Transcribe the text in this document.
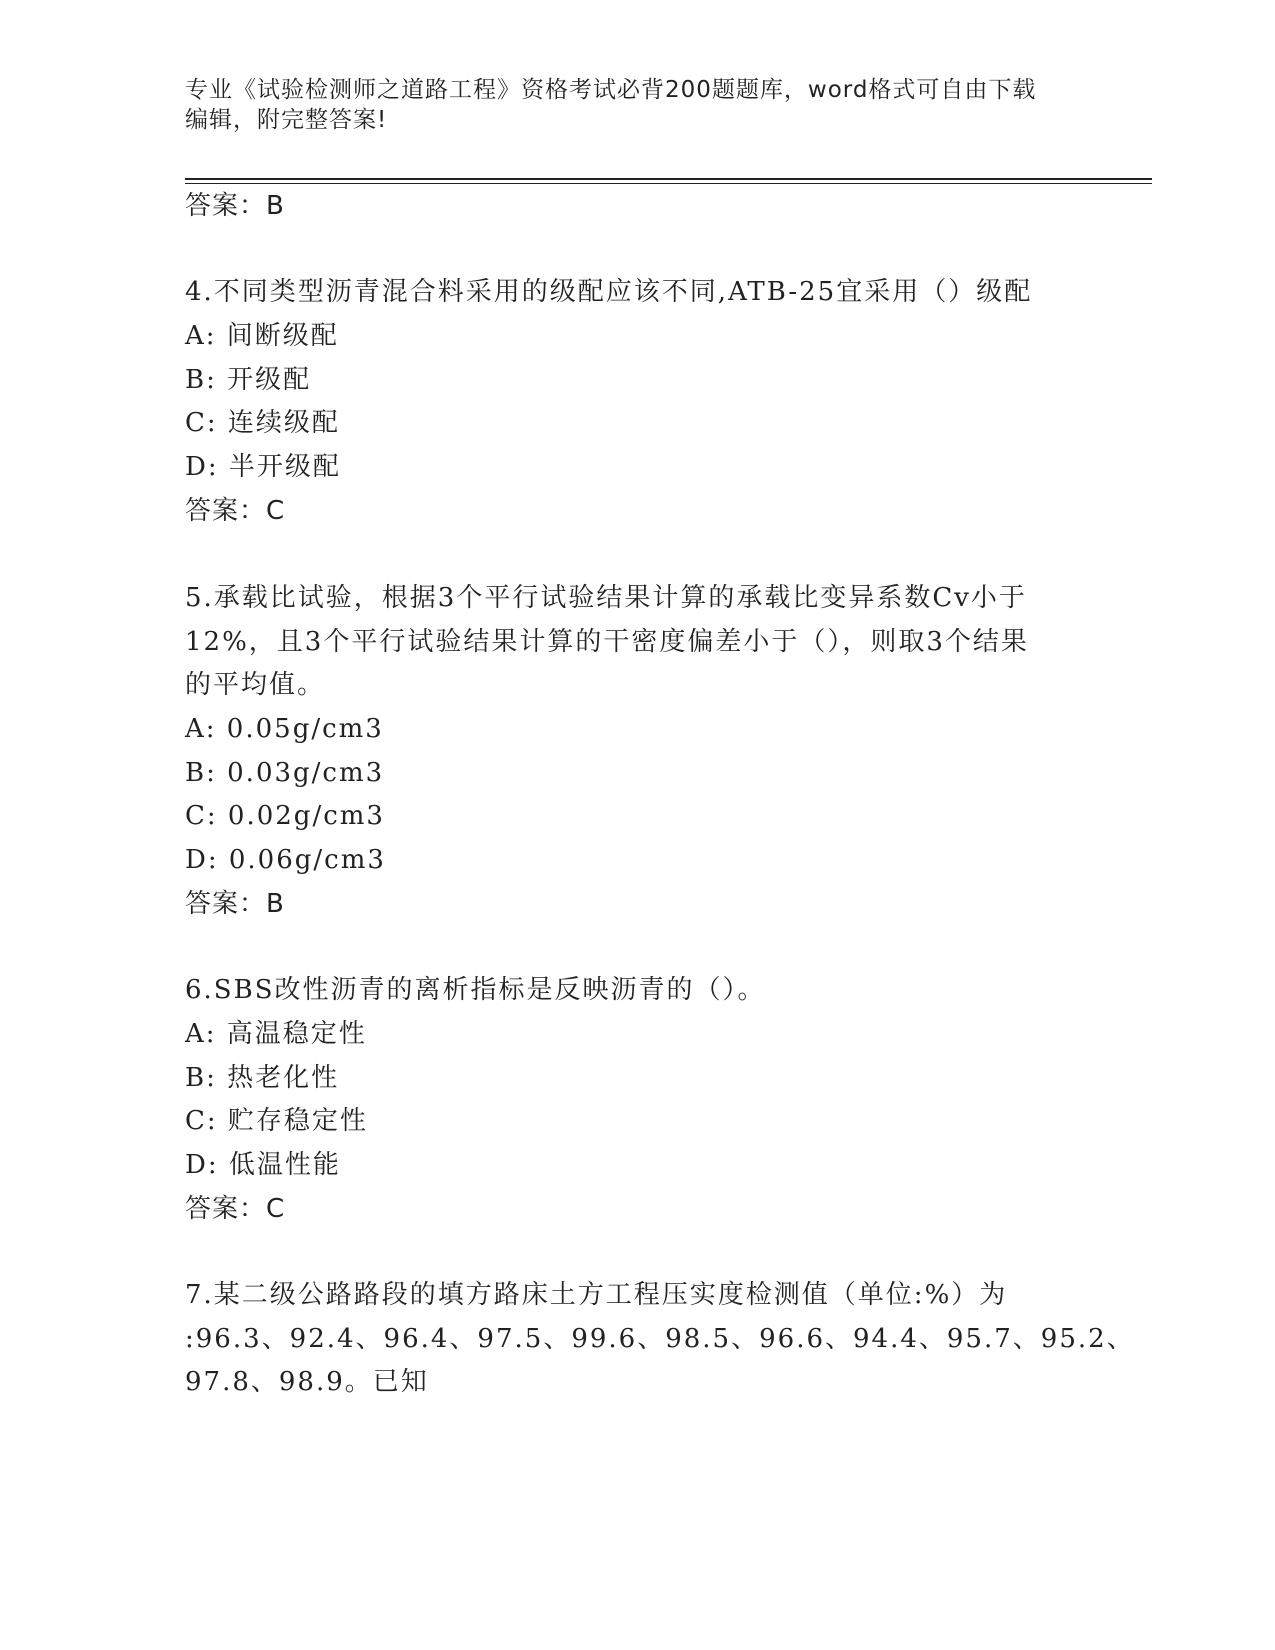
专业《试验检测师之道路工程》资格考试必背200题题库，word格式可自由下载
编辑，附完整答案!
答案：B
4.不同类型沥青混合料采用的级配应该不同,ATB-25宜采用（）级配
A: 间断级配
B: 开级配
C: 连续级配
D: 半开级配
答案：C
5.承载比试验，根据3个平行试验结果计算的承载比变异系数Cv小于
12%，且3个平行试验结果计算的干密度偏差小于（），则取3个结果
的平均值。
A: 0.05g/cm3
B: 0.03g/cm3
C: 0.02g/cm3
D: 0.06g/cm3
答案：B
6.SBS改性沥青的离析指标是反映沥青的（）。
A: 高温稳定性
B: 热老化性
C: 贮存稳定性
D: 低温性能
答案：C
7.某二级公路路段的填方路床土方工程压实度检测值（单位:%）为
:96.3、92.4、96.4、97.5、99.6、98.5、96.6、94.4、95.7、95.2、
97.8、98.9。已知
